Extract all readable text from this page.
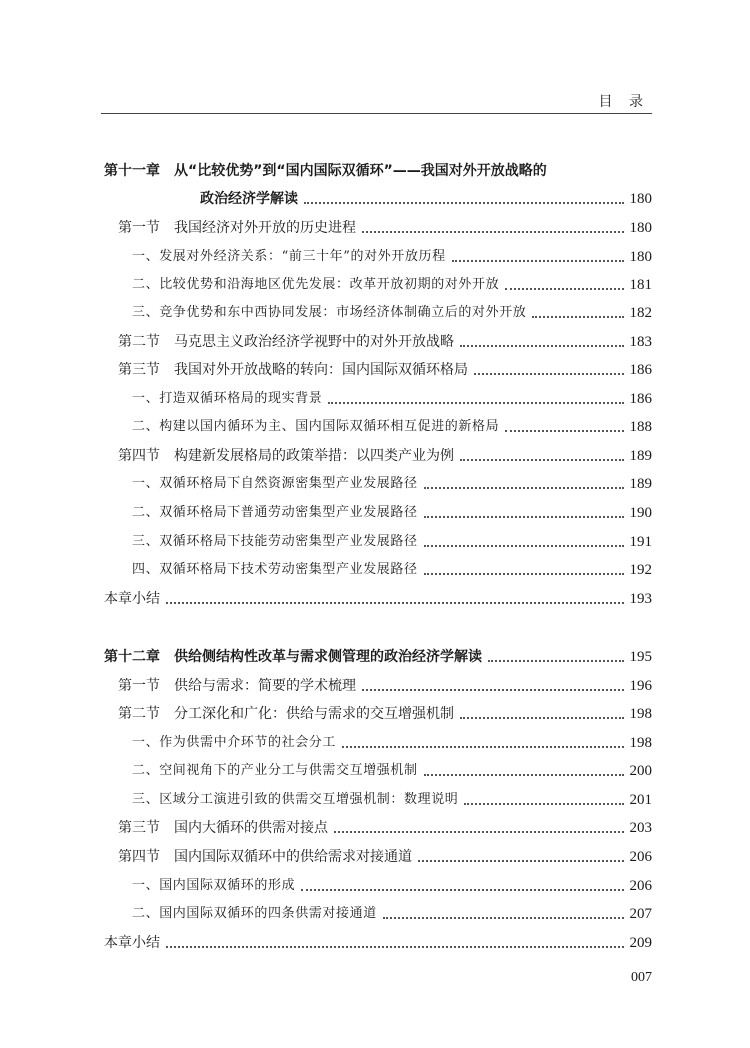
目 录
第十一章　从“比较优势”到“国内国际双循环”——我国对外开放战略的
政治经济学解读	180
第一节　我国经济对外开放的历史进程	180
一、发展对外经济关系：“前三十年”的对外开放历程	180
二、比较优势和沿海地区优先发展：改革开放初期的对外开放	181
三、竞争优势和东中西协同发展：市场经济体制确立后的对外开放	182
第二节　马克思主义政治经济学视野中的对外开放战略	183
第三节　我国对外开放战略的转向：国内国际双循环格局	186
一、打造双循环格局的现实背景	186
二、构建以国内循环为主、国内国际双循环相互促进的新格局	188
第四节　构建新发展格局的政策举措：以四类产业为例	189
一、双循环格局下自然资源密集型产业发展路径	189
二、双循环格局下普通劳动密集型产业发展路径	190
三、双循环格局下技能劳动密集型产业发展路径	191
四、双循环格局下技术劳动密集型产业发展路径	192
本章小结	193
第十二章　供给侧结构性改革与需求侧管理的政治经济学解读	195
第一节　供给与需求：简要的学术梳理	196
第二节　分工深化和广化：供给与需求的交互增强机制	198
一、作为供需中介环节的社会分工	198
二、空间视角下的产业分工与供需交互增强机制	200
三、区域分工演进引致的供需交互增强机制：数理说明	201
第三节　国内大循环的供需对接点	203
第四节　国内国际双循环中的供给需求对接通道	206
一、国内国际双循环的形成	206
二、国内国际双循环的四条供需对接通道	207
本章小结	209
007
